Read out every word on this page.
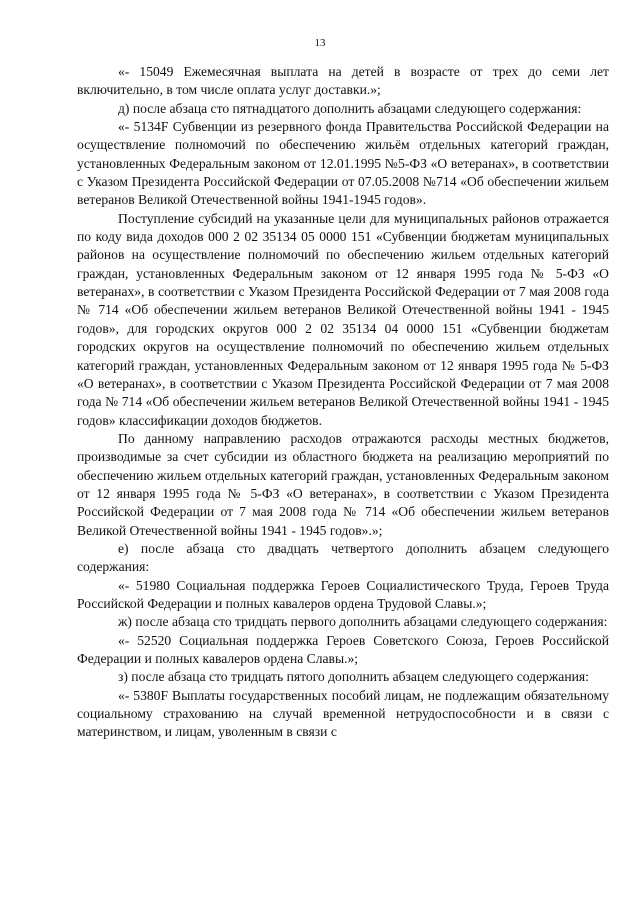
13

«- 15049 Ежемесячная выплата на детей в возрасте от трех до семи лет включительно, в том числе оплата услуг доставки.»;

д) после абзаца сто пятнадцатого дополнить абзацами следующего содержания:

«- 5134F Субвенции из резервного фонда Правительства Российской Федерации на осуществление полномочий по обеспечению жильём отдельных категорий граждан, установленных Федеральным законом от 12.01.1995 №5-ФЗ «О ветеранах», в соответствии с Указом Президента Российской Федерации от 07.05.2008 №714 «Об обеспечении жильем ветеранов Великой Отечественной войны 1941-1945 годов».

Поступление субсидий на указанные цели для муниципальных районов отражается по коду вида доходов 000 2 02 35134 05 0000 151 «Субвенции бюджетам муниципальных районов на осуществление полномочий по обеспечению жильем отдельных категорий граждан, установленных Федеральным законом от 12 января 1995 года № 5-ФЗ «О ветеранах», в соответствии с Указом Президента Российской Федерации от 7 мая 2008 года № 714 «Об обеспечении жильем ветеранов Великой Отечественной войны 1941 - 1945 годов», для городских округов 000 2 02 35134 04 0000 151 «Субвенции бюджетам городских округов на осуществление полномочий по обеспечению жильем отдельных категорий граждан, установленных Федеральным законом от 12 января 1995 года № 5-ФЗ «О ветеранах», в соответствии с Указом Президента Российской Федерации от 7 мая 2008 года № 714 «Об обеспечении жильем ветеранов Великой Отечественной войны 1941 - 1945 годов» классификации доходов бюджетов.

По данному направлению расходов отражаются расходы местных бюджетов, производимые за счет субсидии из областного бюджета на реализацию мероприятий по обеспечению жильем отдельных категорий граждан, установленных Федеральным законом от 12 января 1995 года № 5-ФЗ «О ветеранах», в соответствии с Указом Президента Российской Федерации от 7 мая 2008 года № 714 «Об обеспечении жильем ветеранов Великой Отечественной войны 1941 - 1945 годов».»;

е) после абзаца сто двадцать четвертого дополнить абзацем следующего содержания:

«- 51980 Социальная поддержка Героев Социалистического Труда, Героев Труда Российской Федерации и полных кавалеров ордена Трудовой Славы.»;

ж) после абзаца сто тридцать первого дополнить абзацами следующего содержания:

«- 52520 Социальная поддержка Героев Советского Союза, Героев Российской Федерации и полных кавалеров ордена Славы.»;

з) после абзаца сто тридцать пятого дополнить абзацем следующего содержания:

«- 5380F Выплаты государственных пособий лицам, не подлежащим обязательному социальному страхованию на случай временной нетрудоспособности и в связи с материнством, и лицам, уволенным в связи с
